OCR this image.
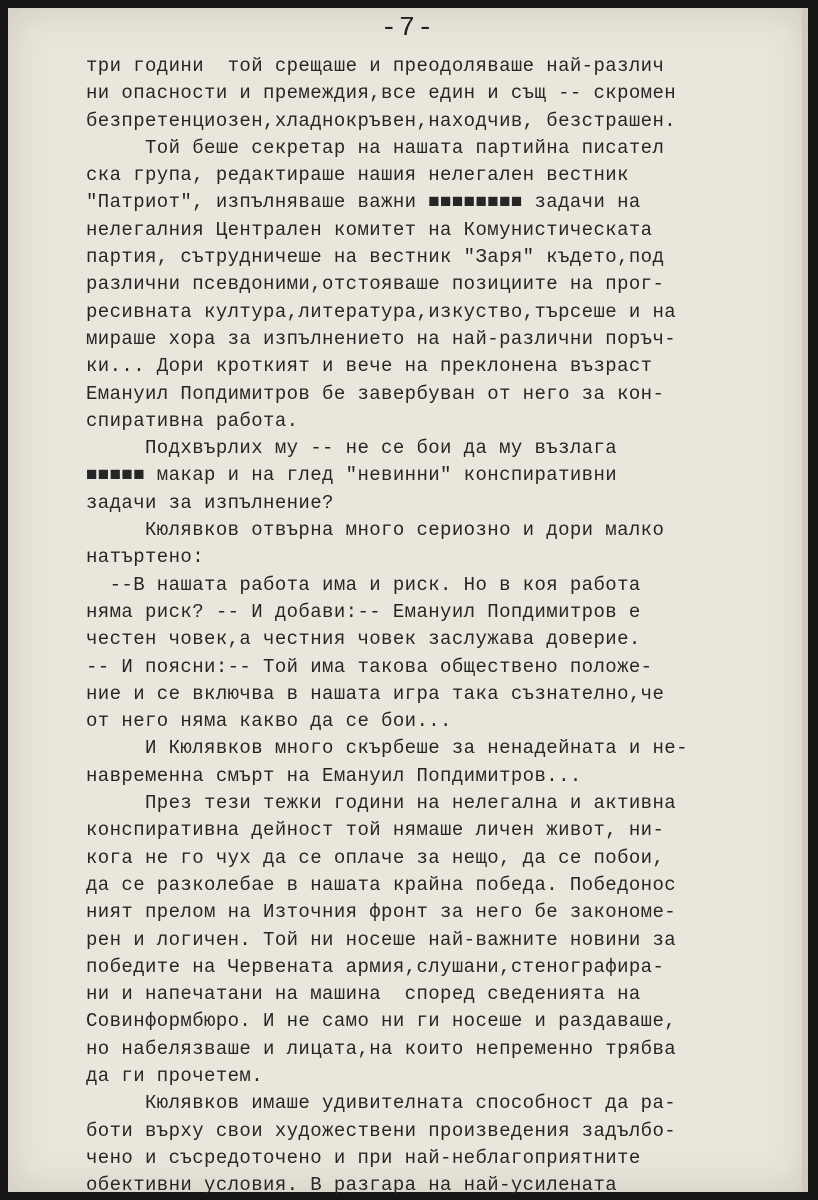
-7-
три години  той срещаше и преодоляваше най-различ
ни опасности и премеждия,все един и същ -- скромен
безпретенциозен,хладнокръвен,находчив, безстрашен.
Той беше секретар на нашата партийна писател
ска група, редактираше нашия нелегален вестник
"Патриот", изпълняваше важни ■■■■■■■■ задачи на
нелегалния Централен комитет на Комунистическата
партия, сътрудничеше на вестник "Заря" където,под
различни псевдоними,отстояваше позициите на прог-
ресивната култура,литература,изкуство,търсеше и на
мираше хора за изпълнението на най-различни поръч-
ки... Дори кроткият и вече на преклонена възраст
Емануил Попдимитров бе завербуван от него за кон-
спиративна работа.
Подхвърлих му -- не се бои да му възлага
■■■■■ макар и на глед "невинни" конспиративни
задачи за изпълнение?
Кюлявков отвърна много сериозно и дори малко
натъртено:
--В нашата работа има и риск. Но в коя работа
няма риск? -- И добави:-- Емануил Попдимитров е
честен човек,а честния човек заслужава доверие.
-- И поясни:-- Той има такова обществено положе-
ние и се включва в нашата игра така съзнателно,че
от него няма какво да се бои...
И Кюлявков много скърбеше за ненадейната и не-
навременна смърт на Емануил Попдимитров...
През тези тежки години на нелегална и активна
конспиративна дейност той нямаше личен живот, ни-
кога не го чух да се оплаче за нещо, да се побои,
да се разколебае в нашата крайна победа. Победонос
ният прелом на Източния фронт за него бе закономе-
рен и логичен. Той ни носеше най-важните новини за
победите на Червената армия,слушани,стенографира-
ни и напечатани на машина  според сведенията на
Совинформбюро. И не само ни ги носеше и раздаваше,
но набелязваше и лицата,на които непременно трябва
да ги прочетем.
Кюлявков имаше удивителната способност да ра-
боти върху свои художествени произведения задълбо-
чено и съсредоточено и при най-неблагоприятните
обективни условия. В разгара на най-усилената
